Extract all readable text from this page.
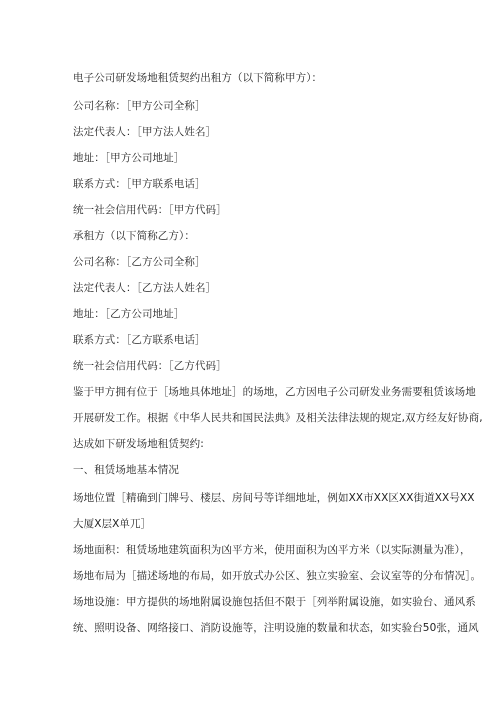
电子公司研发场地租赁契约出租方（以下简称甲方）：
公司名称：［甲方公司全称］
法定代表人：［甲方法人姓名］
地址：［甲方公司地址］
联系方式：［甲方联系电话］
统一社会信用代码：［甲方代码］
承租方（以下简称乙方）：
公司名称：［乙方公司全称］
法定代表人：［乙方法人姓名］
地址：［乙方公司地址］
联系方式：［乙方联系电话］
统一社会信用代码：［乙方代码］
鉴于甲方拥有位于［场地具体地址］的场地，乙方因电子公司研发业务需要租赁该场地
开展研发工作。根据《中华人民共和国民法典》及相关法律法规的规定,双方经友好协商,
达成如下研发场地租赁契约:
一、租赁场地基本情况
场地位置［精确到门牌号、楼层、房间号等详细地址，例如XX市XX区XX街道XX号XX
大厦X层X单兀］
场地面积：租赁场地建筑面积为凶平方米，使用面积为凶平方米（以实际测量为准），
场地布局为［描述场地的布局，如开放式办公区、独立实验室、会议室等的分布情况］。
场地设施：甲方提供的场地附属设施包括但不限于［列举附属设施，如实验台、通风系
统、照明设备、网络接口、消防设施等，注明设施的数量和状态，如实验台50张，通风
